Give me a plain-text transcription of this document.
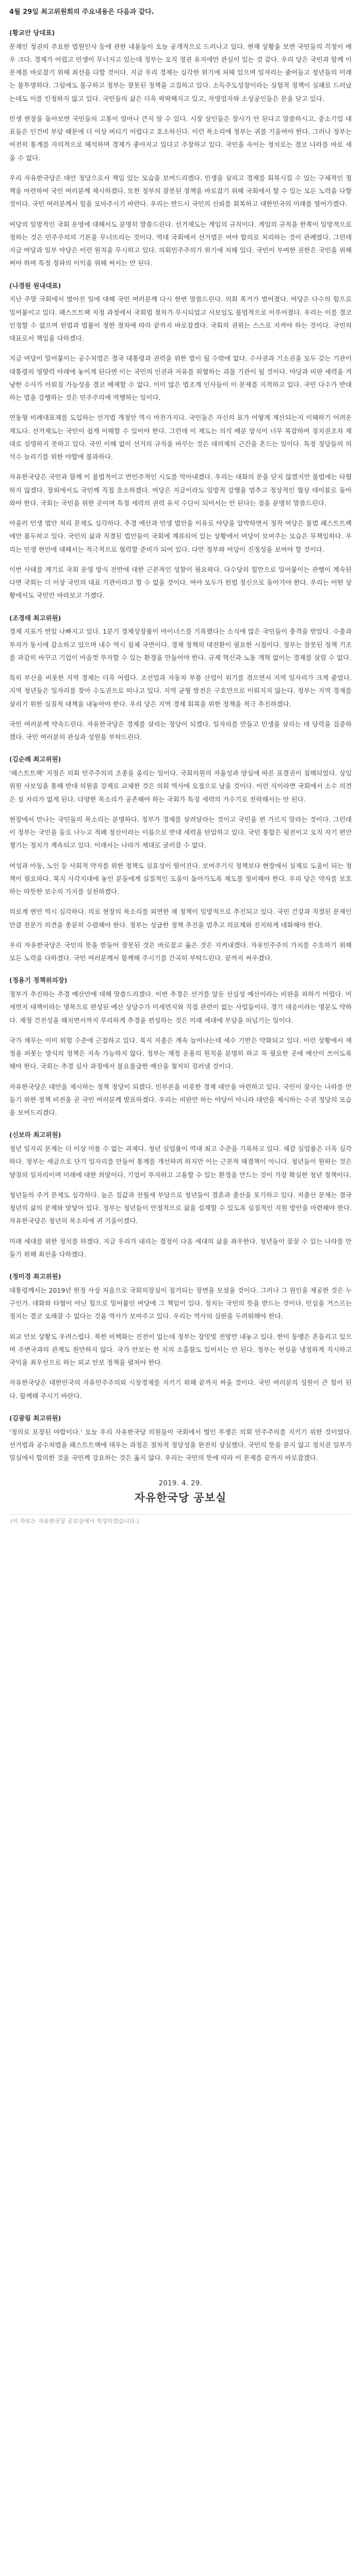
4월 29일 최고위원회의 주요내용은 다음과 같다.

(황교안 당대표)

문재인 정권의 주요한 법원인사 등에 관한 내용들이 오늘 공개적으로 드러나고 있다. 현재 상황을 보면 국민들의 걱정이 매우 크다. 경제가 어렵고 민생이 무너지고 있는데 정부는 오직 정권 유지에만 관심이 있는 것 같다. 우리 당은 국민과 함께 이 문제를 바로잡기 위해 최선을 다할 것이다. 지금 우리 경제는 심각한 위기에 처해 있으며 일자리는 줄어들고 청년들의 미래는 불투명하다. 그럼에도 불구하고 정부는 잘못된 정책을 고집하고 있다. 소득주도성장이라는 실험적 정책이 실패로 드러났는데도 이를 인정하지 않고 있다. 국민들의 삶은 더욱 팍팍해지고 있고, 자영업자와 소상공인들은 문을 닫고 있다.

민생 현장을 돌아보면 국민들의 고통이 얼마나 큰지 알 수 있다. 시장 상인들은 장사가 안 된다고 말씀하시고, 중소기업 대표들은 인건비 부담 때문에 더 이상 버티기 어렵다고 호소하신다. 이런 목소리에 정부는 귀를 기울여야 한다. 그러나 정부는 여전히 통계를 자의적으로 해석하며 경제가 좋아지고 있다고 주장하고 있다. 국민을 속이는 정치로는 결코 나라를 바로 세울 수 없다.

우리 자유한국당은 대안 정당으로서 책임 있는 모습을 보여드리겠다. 민생을 살리고 경제를 회복시킬 수 있는 구체적인 정책을 마련하여 국민 여러분께 제시하겠다. 또한 정부의 잘못된 정책을 바로잡기 위해 국회에서 할 수 있는 모든 노력을 다할 것이다. 국민 여러분께서 힘을 모아주시기 바란다. 우리는 반드시 국민의 신뢰를 회복하고 대한민국의 미래를 열어가겠다.

여당의 일방적인 국회 운영에 대해서도 분명히 말씀드린다. 선거제도는 게임의 규칙이다. 게임의 규칙을 한쪽이 일방적으로 정하는 것은 민주주의의 기본을 무너뜨리는 것이다. 역대 국회에서 선거법은 여야 합의로 처리하는 것이 관례였다. 그런데 지금 여당과 일부 야당은 이런 원칙을 무시하고 있다. 의회민주주의가 위기에 처해 있다. 국민이 부여한 권한은 국민을 위해 써야 하며 특정 정파의 이익을 위해 써서는 안 된다.

(나경원 원내대표)

지난 주말 국회에서 벌어진 일에 대해 국민 여러분께 다시 한번 말씀드린다. 의회 폭거가 벌어졌다. 여당은 다수의 힘으로 밀어붙이고 있다. 패스트트랙 지정 과정에서 국회법 절차가 무시되었고 사보임도 불법적으로 이루어졌다. 우리는 이를 결코 인정할 수 없으며 헌법과 법률이 정한 절차에 따라 끝까지 바로잡겠다. 국회의 권위는 스스로 지켜야 하는 것이다. 국민의 대표로서 책임을 다하겠다.

지금 여당이 밀어붙이는 공수처법은 결국 대통령과 권력을 위한 법이 될 수밖에 없다. 수사권과 기소권을 모두 갖는 기관이 대통령의 영향력 아래에 놓이게 된다면 이는 국민의 인권과 자유를 위협하는 괴물 기관이 될 것이다. 야당과 비판 세력을 겨냥한 수사가 이뤄질 가능성을 결코 배제할 수 없다. 이미 많은 법조계 인사들이 이 문제를 지적하고 있다. 국민 다수가 반대하는 법을 강행하는 것은 민주주의에 역행하는 일이다.

연동형 비례대표제를 도입하는 선거법 개정안 역시 마찬가지다. 국민들은 자신의 표가 어떻게 계산되는지 이해하기 어려운 제도다. 선거제도는 국민이 쉽게 이해할 수 있어야 한다. 그런데 이 제도는 의석 배분 방식이 너무 복잡하여 정치권조차 제대로 설명하지 못하고 있다. 국민 이해 없이 선거의 규칙을 바꾸는 것은 대의제의 근간을 흔드는 일이다. 특정 정당들의 의석수 늘리기를 위한 야합에 불과하다.

자유한국당은 국민과 함께 이 불법적이고 반민주적인 시도를 막아내겠다. 우리는 대화의 문을 닫지 않겠지만 불법에는 타협하지 않겠다. 장외에서도 국민께 직접 호소하겠다. 여당은 지금이라도 일방적 강행을 멈추고 정상적인 협상 테이블로 돌아와야 한다. 국회는 국민을 위한 곳이며 특정 세력의 권력 유지 수단이 되어서는 안 된다는 점을 분명히 말씀드린다.

아울러 민생 법안 처리 문제도 심각하다. 추경 예산과 민생 법안을 이유로 야당을 압박하면서 정작 여당은 불법 패스트트랙에만 몰두하고 있다. 국민의 삶과 직결된 법안들이 국회에 계류되어 있는 상황에서 여당이 보여주는 모습은 무책임하다. 우리는 민생 현안에 대해서는 적극적으로 협력할 준비가 되어 있다. 다만 정부와 여당이 진정성을 보여야 할 것이다.

이번 사태를 계기로 국회 운영 방식 전반에 대한 근본적인 성찰이 필요하다. 다수당의 힘만으로 밀어붙이는 관행이 계속된다면 국회는 더 이상 국민의 대표 기관이라고 할 수 없을 것이다. 여야 모두가 헌법 정신으로 돌아가야 한다. 우리는 어떤 상황에서도 국민만 바라보고 가겠다.

(조경태 최고위원)

경제 지표가 연일 나빠지고 있다. 1분기 경제성장률이 마이너스를 기록했다는 소식에 많은 국민들이 충격을 받았다. 수출과 투자가 동시에 감소하고 있으며 내수 역시 침체 국면이다. 경제 정책의 대전환이 필요한 시점이다. 정부는 잘못된 정책 기조를 과감히 바꾸고 기업이 마음껏 투자할 수 있는 환경을 만들어야 한다. 규제 혁신과 노동 개혁 없이는 경제를 살릴 수 없다.

특히 부산을 비롯한 지역 경제는 더욱 어렵다. 조선업과 자동차 부품 산업이 위기를 겪으면서 지역 일자리가 크게 줄었다. 지역 청년들은 일자리를 찾아 수도권으로 떠나고 있다. 지역 균형 발전은 구호만으로 이뤄지지 않는다. 정부는 지역 경제를 살리기 위한 실질적 대책을 내놓아야 한다. 우리 당은 지역 경제 회복을 위한 정책을 적극 추진하겠다.

국민 여러분께 약속드린다. 자유한국당은 경제를 살리는 정당이 되겠다. 일자리를 만들고 민생을 살리는 데 당력을 집중하겠다. 국민 여러분의 관심과 성원을 부탁드린다.

(김순례 최고위원)

'패스트트랙' 지정은 의회 민주주의의 조종을 울리는 일이다. 국회의원의 자율성과 양심에 따른 표결권이 침해되었다. 상임위원 사보임을 통해 반대 의원을 강제로 교체한 것은 의회 역사에 오점으로 남을 것이다. 이런 식이라면 국회에서 소수 의견은 설 자리가 없게 된다. 다양한 목소리가 공존해야 하는 국회가 특정 세력의 거수기로 전락해서는 안 된다.

현장에서 만나는 국민들의 목소리는 분명하다. 정부가 경제를 살려달라는 것이고 국민을 편 가르지 말라는 것이다. 그런데 이 정부는 국민을 둘로 나누고 적폐 청산이라는 이름으로 반대 세력을 탄압하고 있다. 국민 통합은 뒷전이고 오직 자기 편만 챙기는 정치가 계속되고 있다. 이래서는 나라가 제대로 굴러갈 수 없다.

여성과 아동, 노인 등 사회적 약자를 위한 정책도 실효성이 떨어진다. 보여주기식 정책보다 현장에서 실제로 도움이 되는 정책이 필요하다. 복지 사각지대에 놓인 분들에게 실질적인 도움이 돌아가도록 제도를 정비해야 한다. 우리 당은 약자를 보호하는 따뜻한 보수의 가치를 실천하겠다.

의료계 현안 역시 심각하다. 의료 현장의 목소리를 외면한 채 정책이 일방적으로 추진되고 있다. 국민 건강과 직결된 문제인 만큼 전문가 의견을 충분히 수렴해야 한다. 정부는 성급한 정책 추진을 멈추고 의료계와 진지하게 대화해야 한다.

우리 자유한국당은 국민의 뜻을 받들어 잘못된 것은 바로잡고 옳은 것은 지켜내겠다. 자유민주주의 가치를 수호하기 위해 모든 노력을 다하겠다. 국민 여러분께서 함께해 주시기를 간곡히 부탁드린다. 끝까지 싸우겠다.

(정용기 정책위의장)

정부가 추진하는 추경 예산안에 대해 말씀드리겠다. 이번 추경은 선거를 앞둔 선심성 예산이라는 비판을 피하기 어렵다. 미세먼지 대책이라는 명목으로 편성된 예산 상당수가 미세먼지와 직접 관련이 없는 사업들이다. 경기 대응이라는 명분도 약하다. 재정 건전성을 해치면서까지 무리하게 추경을 편성하는 것은 미래 세대에 부담을 떠넘기는 일이다.

국가 채무는 이미 위험 수준에 근접하고 있다. 복지 지출은 계속 늘어나는데 세수 기반은 약화되고 있다. 이런 상황에서 재정을 퍼붓는 방식의 정책은 지속 가능하지 않다. 정부는 재정 운용의 원칙을 분명히 하고 꼭 필요한 곳에 예산이 쓰이도록 해야 한다. 국회는 추경 심사 과정에서 불요불급한 예산을 철저히 걸러낼 것이다.

자유한국당은 대안을 제시하는 정책 정당이 되겠다. 민부론을 비롯한 경제 대안을 마련하고 있다. 국민이 잘사는 나라를 만들기 위한 정책 비전을 곧 국민 여러분께 발표하겠다. 우리는 비판만 하는 야당이 아니라 대안을 제시하는 수권 정당의 모습을 보여드리겠다.

(신보라 최고위원)

청년 일자리 문제는 더 이상 미룰 수 없는 과제다. 청년 실업률이 역대 최고 수준을 기록하고 있다. 체감 실업률은 더욱 심각하다. 정부는 세금으로 단기 일자리를 만들어 통계를 개선하려 하지만 이는 근본적 해결책이 아니다. 청년들이 원하는 것은 양질의 일자리이며 미래에 대한 희망이다. 기업이 투자하고 고용할 수 있는 환경을 만드는 것이 가장 확실한 청년 정책이다.

청년들의 주거 문제도 심각하다. 높은 집값과 전월세 부담으로 청년들이 결혼과 출산을 포기하고 있다. 저출산 문제는 결국 청년의 삶의 문제와 맞닿아 있다. 정부는 청년들이 안정적으로 삶을 설계할 수 있도록 실질적인 지원 방안을 마련해야 한다. 자유한국당은 청년의 목소리에 귀 기울이겠다.

미래 세대를 위한 정치를 하겠다. 지금 우리가 내리는 결정이 다음 세대의 삶을 좌우한다. 청년들이 꿈꿀 수 있는 나라를 만들기 위해 최선을 다하겠다.

(정미경 최고위원)

대통령께서는 2019년 헌정 사상 처음으로 국회의장실이 점거되는 장면을 보셨을 것이다. 그러나 그 원인을 제공한 것은 누구인가. 대화와 타협이 아닌 힘으로 밀어붙인 여당에 그 책임이 있다. 정치는 국민의 뜻을 받드는 것이다. 민심을 거스르는 정치는 결코 오래갈 수 없다는 것을 역사가 보여주고 있다. 우리는 역사의 심판을 두려워해야 한다.

외교 안보 상황도 우려스럽다. 북한 비핵화는 진전이 없는데 정부는 장밋빛 전망만 내놓고 있다. 한미 동맹은 흔들리고 있으며 주변국과의 관계도 원만하지 않다. 국가 안보는 한 치의 소홀함도 있어서는 안 된다. 정부는 현실을 냉정하게 직시하고 국익을 최우선으로 하는 외교 안보 정책을 펼쳐야 한다.

자유한국당은 대한민국의 자유민주주의와 시장경제를 지키기 위해 끝까지 싸울 것이다. 국민 여러분의 성원이 큰 힘이 된다. 함께해 주시기 바란다.

(김광림 최고위원)

'정의로 포장된 야합이다.' 오늘 우리 자유한국당 의원들이 국회에서 벌인 투쟁은 의회 민주주의를 지키기 위한 것이었다. 선거법과 공수처법을 패스트트랙에 태우는 과정은 절차적 정당성을 완전히 상실했다. 국민의 뜻을 묻지 않고 정치권 일부가 밀실에서 합의한 것을 국민께 강요하는 것은 옳지 않다. 우리는 국민의 뜻에 따라 이 문제를 끝까지 바로잡겠다.

2019. 4. 29.
자유한국당 공보실
(이 자료는 자유한국당 공보실에서 작성하였습니다.)
